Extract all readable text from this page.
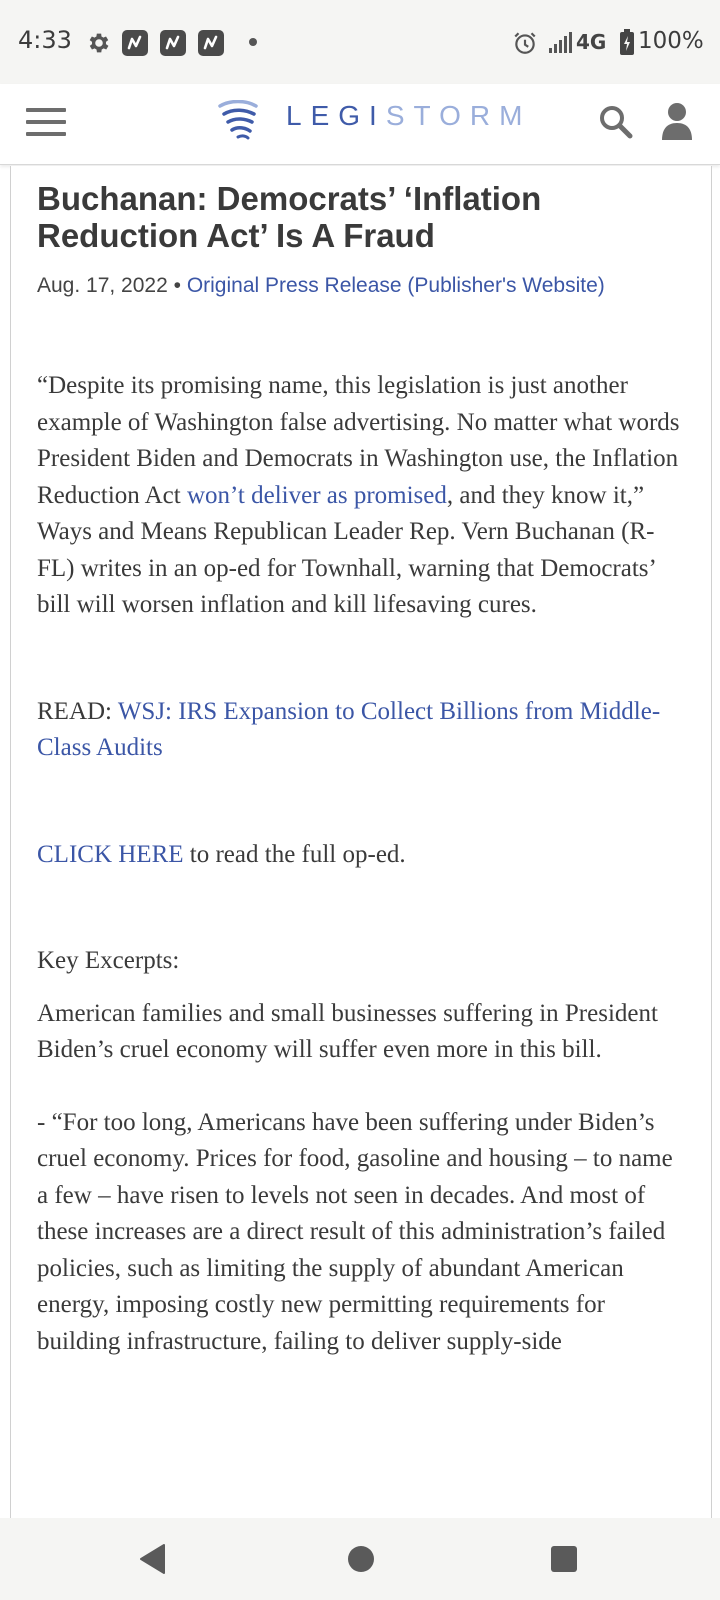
4:33	4G 100%
LEGISTORM
Buchanan: Democrats’ ‘Inflation Reduction Act’ Is A Fraud
Aug. 17, 2022 • Original Press Release (Publisher's Website)

“Despite its promising name, this legislation is just another example of Washington false advertising. No matter what words President Biden and Democrats in Washington use, the Inflation Reduction Act won’t deliver as promised, and they know it,” Ways and Means Republican Leader Rep. Vern Buchanan (R-FL) writes in an op-ed for Townhall, warning that Democrats’ bill will worsen inflation and kill lifesaving cures.

READ: WSJ: IRS Expansion to Collect Billions from Middle-Class Audits

CLICK HERE to read the full op-ed.

Key Excerpts:

American families and small businesses suffering in President Biden’s cruel economy will suffer even more in this bill.

- “For too long, Americans have been suffering under Biden’s cruel economy. Prices for food, gasoline and housing – to name a few – have risen to levels not seen in decades. And most of these increases are a direct result of this administration’s failed policies, such as limiting the supply of abundant American energy, imposing costly new permitting requirements for building infrastructure, failing to deliver supply-side
